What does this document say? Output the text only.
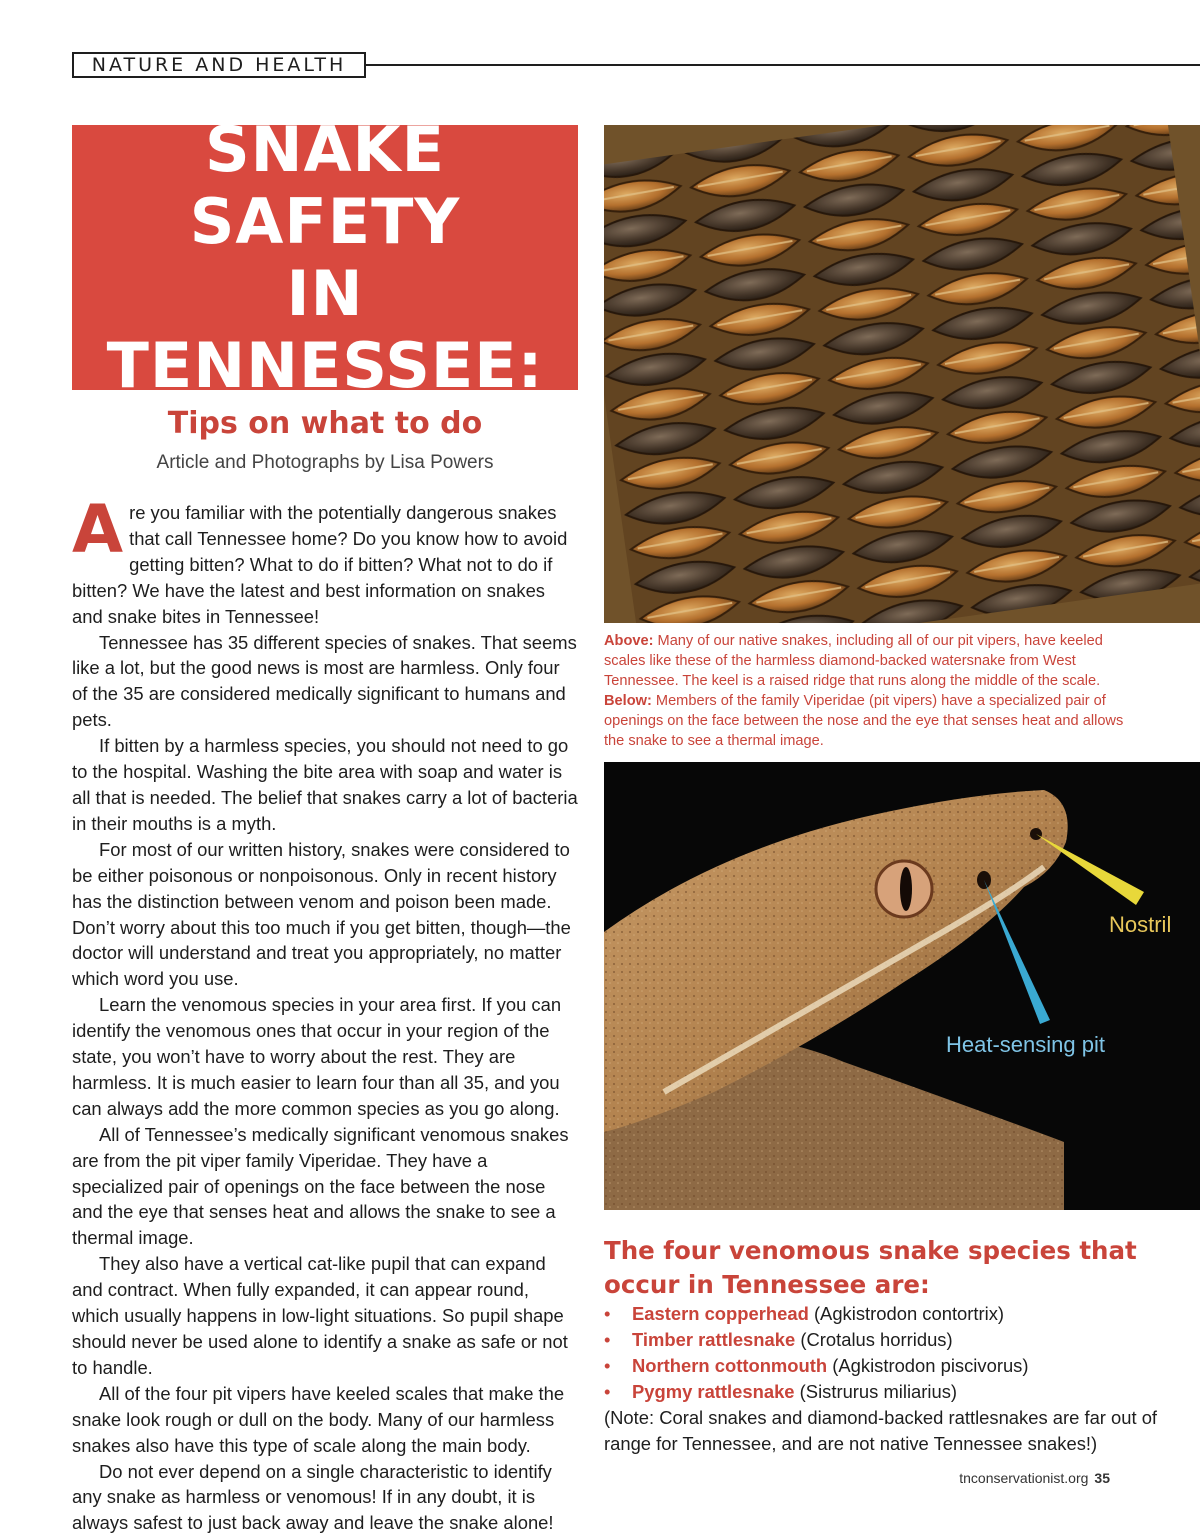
NATURE AND HEALTH
SNAKE SAFETY
IN
TENNESSEE:
Tips on what to do
Article and Photographs by Lisa Powers

Are you familiar with the potentially dangerous snakes that call Tennessee home? Do you know how to avoid getting bitten? What to do if bitten? What not to do if bitten? We have the latest and best information on snakes and snake bites in Tennessee!

Tennessee has 35 different species of snakes. That seems like a lot, but the good news is most are harmless. Only four of the 35 are considered medically significant to humans and pets.

If bitten by a harmless species, you should not need to go to the hospital. Washing the bite area with soap and water is all that is needed. The belief that snakes carry a lot of bacteria in their mouths is a myth.

For most of our written history, snakes were considered to be either poisonous or nonpoisonous. Only in recent history has the distinction between venom and poison been made. Don’t worry about this too much if you get bitten, though—the doctor will understand and treat you appropriately, no matter which word you use.

Learn the venomous species in your area first. If you can identify the venomous ones that occur in your region of the state, you won’t have to worry about the rest. They are harmless. It is much easier to learn four than all 35, and you can always add the more common species as you go along.

All of Tennessee’s medically significant venomous snakes are from the pit viper family Viperidae. They have a specialized pair of openings on the face between the nose and the eye that senses heat and allows the snake to see a thermal image.

They also have a vertical cat-like pupil that can expand and contract. When fully expanded, it can appear round, which usually happens in low-light situations. So pupil shape should never be used alone to identify a snake as safe or not to handle.

All of the four pit vipers have keeled scales that make the snake look rough or dull on the body. Many of our harmless snakes also have this type of scale along the main body.

Do not ever depend on a single characteristic to identify any snake as harmless or venomous! If in any doubt, it is always safest to just back away and leave the snake alone!

Above: Many of our native snakes, including all of our pit vipers, have keeled scales like these of the harmless diamond-backed watersnake from West Tennessee. The keel is a raised ridge that runs along the middle of the scale. Below: Members of the family Viperidae (pit vipers) have a specialized pair of openings on the face between the nose and the eye that senses heat and allows the snake to see a thermal image.
Nostril
Heat-sensing pit
The four venomous snake species that occur in Tennessee are:
• Eastern copperhead (Agkistrodon contortrix)
• Timber rattlesnake (Crotalus horridus)
• Northern cottonmouth (Agkistrodon piscivorus)
• Pygmy rattlesnake (Sistrurus miliarius)
(Note: Coral snakes and diamond-backed rattlesnakes are far out of range for Tennessee, and are not native Tennessee snakes!)
tnconservationist.org 35
